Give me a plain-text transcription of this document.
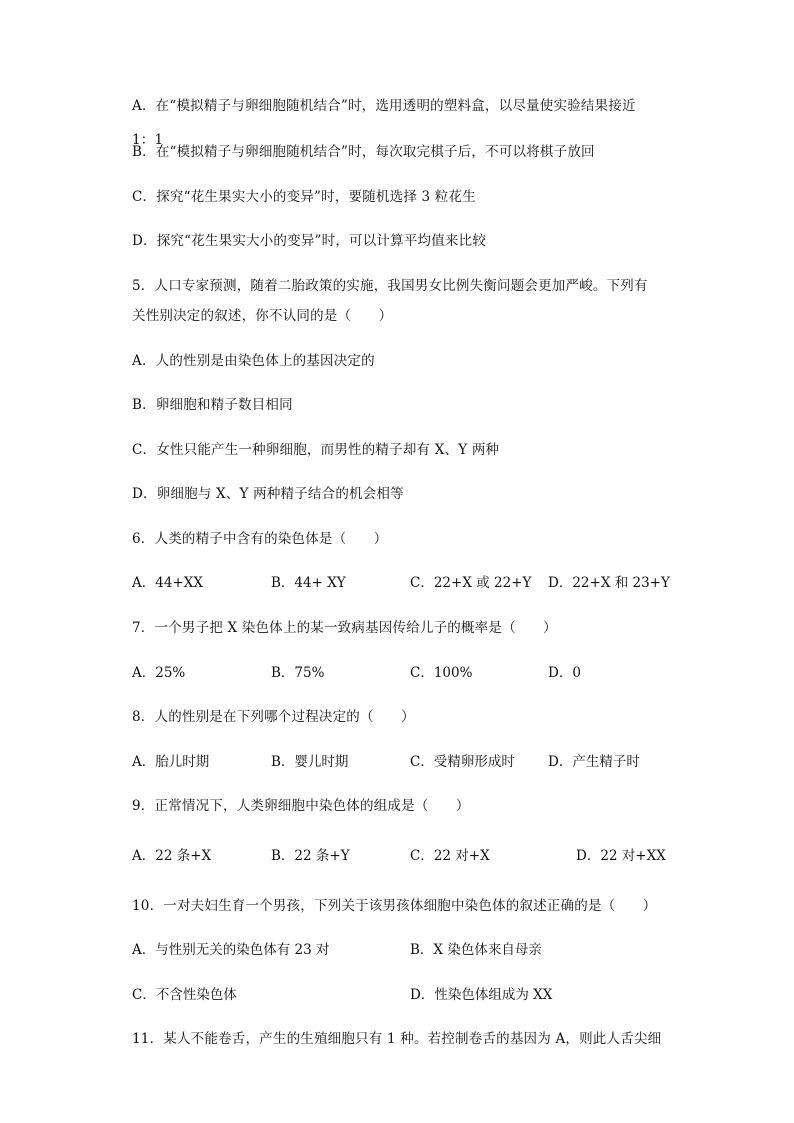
A．在“模拟精子与卵细胞随机结合”时，选用透明的塑料盒，以尽量使实验结果接近
1：1
B．在“模拟精子与卵细胞随机结合”时，每次取完棋子后，不可以将棋子放回
C．探究“花生果实大小的变异”时，要随机选择 3 粒花生
D．探究“花生果实大小的变异”时，可以计算平均值来比较
5．人口专家预测，随着二胎政策的实施，我国男女比例失衡问题会更加严峻。下列有
关性别决定的叙述，你不认同的是（　　）
A．人的性别是由染色体上的基因决定的
B．卵细胞和精子数目相同
C．女性只能产生一种卵细胞，而男性的精子却有 X、Y 两种
D．卵细胞与 X、Y 两种精子结合的机会相等
6．人类的精子中含有的染色体是（　　）
A．44+XX	B．44+ XY	C．22+X 或 22+Y D．22+X 和 23+Y
7．一个男子把 X 染色体上的某一致病基因传给儿子的概率是（　　）
A．25%	B．75%	C．100%	D．0
8．人的性别是在下列哪个过程决定的（　　）
A．胎儿时期	B．婴儿时期	C．受精卵形成时 D．产生精子时
9．正常情况下，人类卵细胞中染色体的组成是（　　）
A．22 条+X	B．22 条+Y	C．22 对+X	D．22 对+XX
10．一对夫妇生育一个男孩，下列关于该男孩体细胞中染色体的叙述正确的是（　　）
A．与性别无关的染色体有 23 对	B．X 染色体来自母亲
C．不含性染色体	D．性染色体组成为 XX
11．某人不能卷舌，产生的生殖细胞只有 1 种。若控制卷舌的基因为 A，则此人舌尖细
